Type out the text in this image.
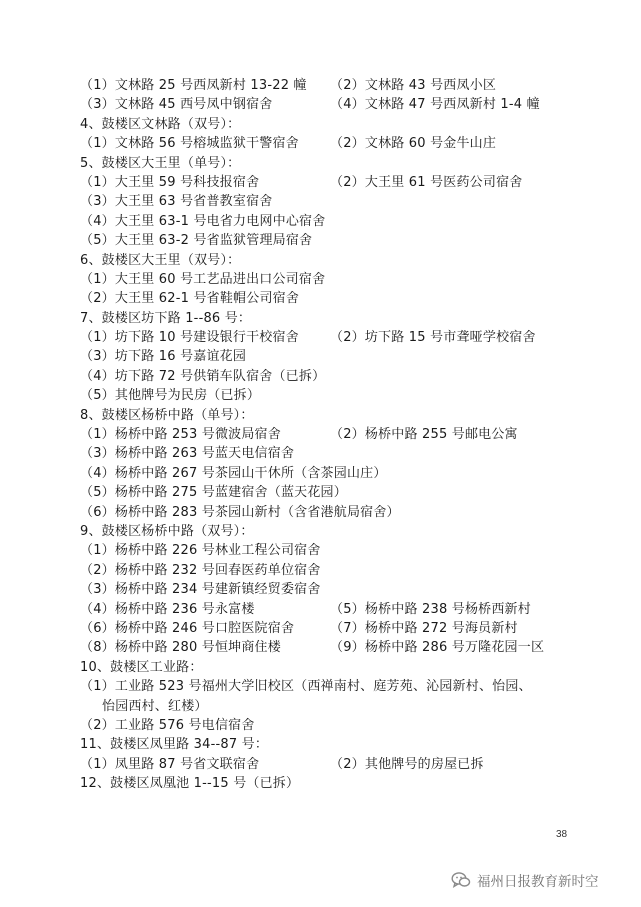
（1）文林路 25 号西凤新村 13-22 幢 （2）文林路 43 号西凤小区
（3）文林路 45 西号凤中钢宿舍	（4）文林路 47 号西凤新村 1-4 幢
4、鼓楼区文林路（双号）：
（1）文林路 56 号榕城监狱干警宿舍 （2）文林路 60 号金牛山庄
5、鼓楼区大王里（单号）：
（1）大王里 59 号科技报宿舍	（2）大王里 61 号医药公司宿舍
（3）大王里 63 号省普教室宿舍
（4）大王里 63-1 号电省力电网中心宿舍
（5）大王里 63-2 号省监狱管理局宿舍
6、鼓楼区大王里（双号）：
（1）大王里 60 号工艺品进出口公司宿舍
（2）大王里 62-1 号省鞋帽公司宿舍
7、鼓楼区坊下路 1--86 号：
（1）坊下路 10 号建设银行干校宿舍 （2）坊下路 15 号市聋哑学校宿舍
（3）坊下路 16 号嘉谊花园
（4）坊下路 72 号供销车队宿舍（已拆）
（5）其他牌号为民房（已拆）
8、鼓楼区杨桥中路（单号）：
（1）杨桥中路 253 号微波局宿舍	（2）杨桥中路 255 号邮电公寓
（3）杨桥中路 263 号蓝天电信宿舍
（4）杨桥中路 267 号茶园山干休所（含茶园山庄）
（5）杨桥中路 275 号蓝建宿舍（蓝天花园）
（6）杨桥中路 283 号茶园山新村（含省港航局宿舍）
9、鼓楼区杨桥中路（双号）：
（1）杨桥中路 226 号林业工程公司宿舍
（2）杨桥中路 232 号回春医药单位宿舍
（3）杨桥中路 234 号建新镇经贸委宿舍
（4）杨桥中路 236 号永富楼	（5）杨桥中路 238 号杨桥西新村
（6）杨桥中路 246 号口腔医院宿舍	（7）杨桥中路 272 号海员新村
（8）杨桥中路 280 号恒坤商住楼	（9）杨桥中路 286 号万隆花园一区
10、鼓楼区工业路：
（1）工业路 523 号福州大学旧校区（西禅南村、庭芳苑、沁园新村、怡园、
怡园西村、红楼）
（2）工业路 576 号电信宿舍
11、鼓楼区凤里路 34--87 号：
（1）凤里路 87 号省文联宿舍	（2）其他牌号的房屋已拆
12、鼓楼区凤凰池 1--15 号（已拆）
38
福州日报教育新时空
